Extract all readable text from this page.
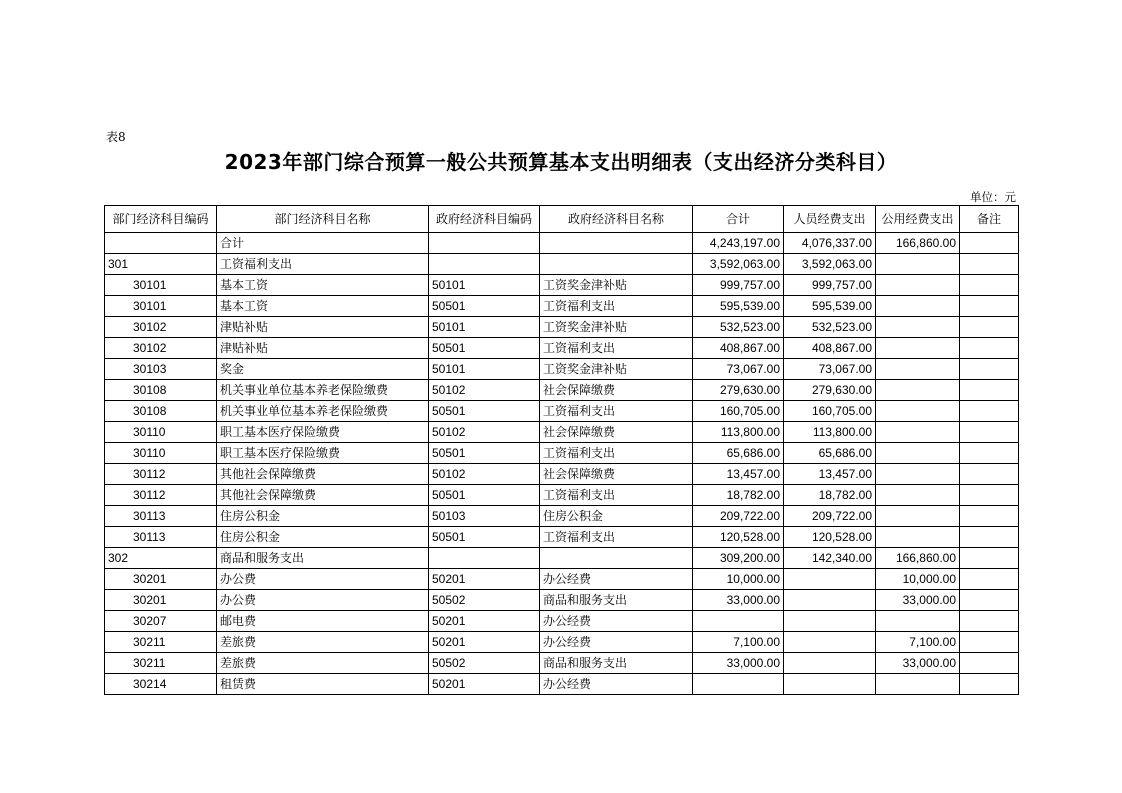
表8
2023年部门综合预算一般公共预算基本支出明细表（支出经济分类科目）
单位：元
部门经济科目编码	部门经济科目名称	政府经济科目编码	政府经济科目名称	合计	人员经费支出	公用经费支出	备注
	合计			4,243,197.00	4,076,337.00	166,860.00	
301	工资福利支出			3,592,063.00	3,592,063.00		
30101	基本工资	50101	工资奖金津补贴	999,757.00	999,757.00		
30101	基本工资	50501	工资福利支出	595,539.00	595,539.00		
30102	津贴补贴	50101	工资奖金津补贴	532,523.00	532,523.00		
30102	津贴补贴	50501	工资福利支出	408,867.00	408,867.00		
30103	奖金	50101	工资奖金津补贴	73,067.00	73,067.00		
30108	机关事业单位基本养老保险缴费	50102	社会保障缴费	279,630.00	279,630.00		
30108	机关事业单位基本养老保险缴费	50501	工资福利支出	160,705.00	160,705.00		
30110	职工基本医疗保险缴费	50102	社会保障缴费	113,800.00	113,800.00		
30110	职工基本医疗保险缴费	50501	工资福利支出	65,686.00	65,686.00		
30112	其他社会保障缴费	50102	社会保障缴费	13,457.00	13,457.00		
30112	其他社会保障缴费	50501	工资福利支出	18,782.00	18,782.00		
30113	住房公积金	50103	住房公积金	209,722.00	209,722.00		
30113	住房公积金	50501	工资福利支出	120,528.00	120,528.00		
302	商品和服务支出			309,200.00	142,340.00	166,860.00	
30201	办公费	50201	办公经费	10,000.00		10,000.00	
30201	办公费	50502	商品和服务支出	33,000.00		33,000.00	
30207	邮电费	50201	办公经费				
30211	差旅费	50201	办公经费	7,100.00		7,100.00	
30211	差旅费	50502	商品和服务支出	33,000.00		33,000.00	
30214	租赁费	50201	办公经费				
